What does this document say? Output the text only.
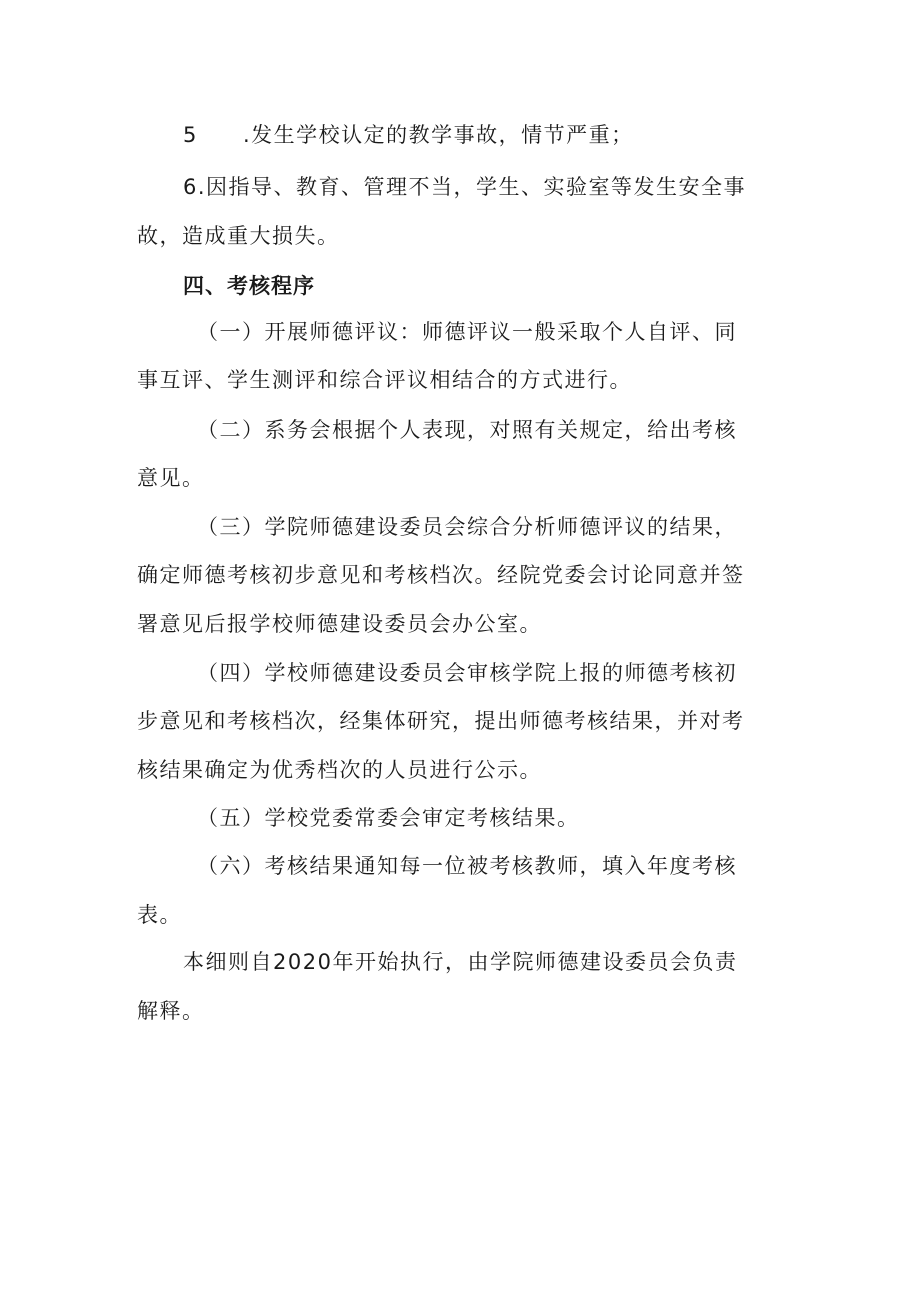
5 .发生学校认定的教学事故，情节严重；
6.因指导、教育、管理不当，学生、实验室等发生安全事
故，造成重大损失。
四、考核程序
（一）开展师德评议：师德评议一般采取个人自评、同
事互评、学生测评和综合评议相结合的方式进行。
（二）系务会根据个人表现，对照有关规定，给出考核
意见。
（三）学院师德建设委员会综合分析师德评议的结果，
确定师德考核初步意见和考核档次。经院党委会讨论同意并签
署意见后报学校师德建设委员会办公室。
（四）学校师德建设委员会审核学院上报的师德考核初
步意见和考核档次，经集体研究，提出师德考核结果，并对考
核结果确定为优秀档次的人员进行公示。
（五）学校党委常委会审定考核结果。
（六）考核结果通知每一位被考核教师，填入年度考核
表。
本细则自2020年开始执行，由学院师德建设委员会负责
解释。
